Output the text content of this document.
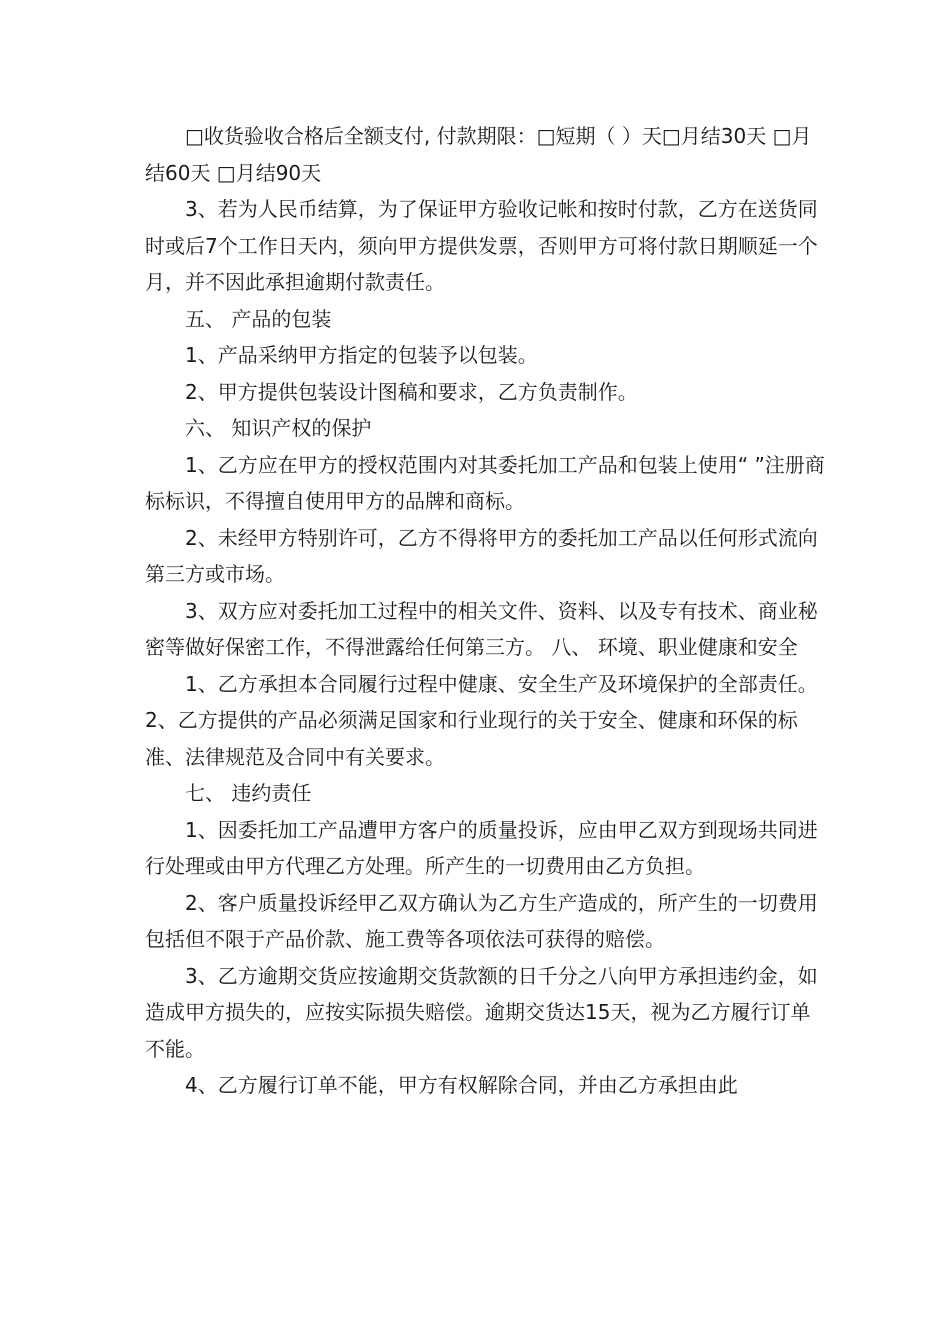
□收货验收合格后全额支付, 付款期限：□短期（ ）天□月结30天 □月结60天 □月结90天

3、若为人民币结算，为了保证甲方验收记帐和按时付款，乙方在送货同时或后7个工作日天内，须向甲方提供发票，否则甲方可将付款日期顺延一个月，并不因此承担逾期付款责任。

五、 产品的包装

1、产品采纳甲方指定的包装予以包装。

2、甲方提供包装设计图稿和要求，乙方负责制作。

六、 知识产权的保护

1、乙方应在甲方的授权范围内对其委托加工产品和包装上使用“ ”注册商标标识，不得擅自使用甲方的品牌和商标。

2、未经甲方特别许可，乙方不得将甲方的委托加工产品以任何形式流向第三方或市场。

3、双方应对委托加工过程中的相关文件、资料、以及专有技术、商业秘密等做好保密工作，不得泄露给任何第三方。 八、 环境、职业健康和安全

1、乙方承担本合同履行过程中健康、安全生产及环境保护的全部责任。 2、乙方提供的产品必须满足国家和行业现行的关于安全、健康和环保的标准、法律规范及合同中有关要求。

七、 违约责任

1、因委托加工产品遭甲方客户的质量投诉，应由甲乙双方到现场共同进行处理或由甲方代理乙方处理。所产生的一切费用由乙方负担。

2、客户质量投诉经甲乙双方确认为乙方生产造成的，所产生的一切费用包括但不限于产品价款、施工费等各项依法可获得的赔偿。

3、乙方逾期交货应按逾期交货款额的日千分之八向甲方承担违约金，如造成甲方损失的，应按实际损失赔偿。逾期交货达15天，视为乙方履行订单不能。

4、乙方履行订单不能，甲方有权解除合同，并由乙方承担由此
